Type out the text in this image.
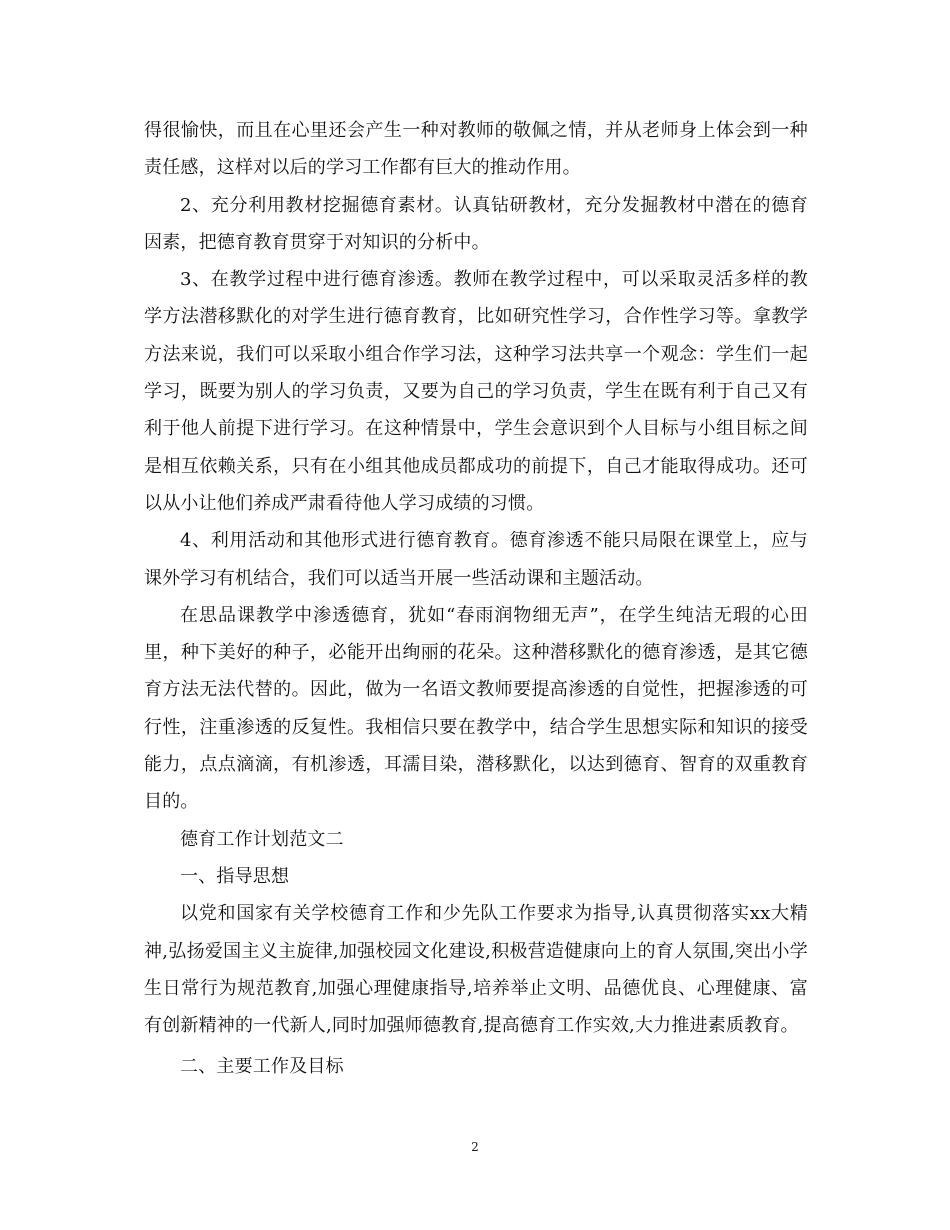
得很愉快，而且在心里还会产生一种对教师的敬佩之情，并从老师身上体会到一种责任感，这样对以后的学习工作都有巨大的推动作用。

2、充分利用教材挖掘德育素材。认真钻研教材，充分发掘教材中潜在的德育因素，把德育教育贯穿于对知识的分析中。

3、在教学过程中进行德育渗透。教师在教学过程中，可以采取灵活多样的教学方法潜移默化的对学生进行德育教育，比如研究性学习，合作性学习等。拿教学方法来说，我们可以采取小组合作学习法，这种学习法共享一个观念：学生们一起学习，既要为别人的学习负责，又要为自己的学习负责，学生在既有利于自己又有利于他人前提下进行学习。在这种情景中，学生会意识到个人目标与小组目标之间是相互依赖关系，只有在小组其他成员都成功的前提下，自己才能取得成功。还可以从小让他们养成严肃看待他人学习成绩的习惯。

4、利用活动和其他形式进行德育教育。德育渗透不能只局限在课堂上，应与课外学习有机结合，我们可以适当开展一些活动课和主题活动。

在思品课教学中渗透德育，犹如“春雨润物细无声”，在学生纯洁无瑕的心田里，种下美好的种子，必能开出绚丽的花朵。这种潜移默化的德育渗透，是其它德育方法无法代替的。因此，做为一名语文教师要提高渗透的自觉性，把握渗透的可行性，注重渗透的反复性。我相信只要在教学中，结合学生思想实际和知识的接受能力，点点滴滴，有机渗透，耳濡目染，潜移默化，以达到德育、智育的双重教育目的。

德育工作计划范文二

一、指导思想

以党和国家有关学校德育工作和少先队工作要求为指导,认真贯彻落实xx大精神,弘扬爱国主义主旋律,加强校园文化建设,积极营造健康向上的育人氛围,突出小学生日常行为规范教育,加强心理健康指导,培养举止文明、品德优良、心理健康、富有创新精神的一代新人,同时加强师德教育,提高德育工作实效,大力推进素质教育。

二、主要工作及目标

2
